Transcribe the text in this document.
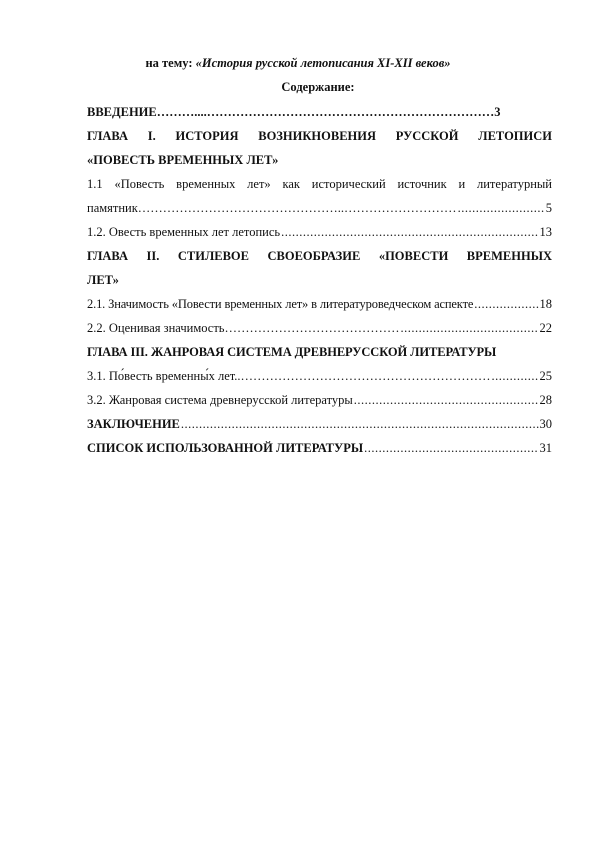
на тему: «История русской летописания XI-XII веков»
Содержание:
ВВЕДЕНИЕ………....…………………………………………………………… 3
ГЛАВА I. ИСТОРИЯ ВОЗНИКНОВЕНИЯ РУССКОЙ ЛЕТОПИСИ
«ПОВЕСТЬ ВРЕМЕННЫХ ЛЕТ»
1.1 «Повесть временных лет» как исторический источник и литературный
памятник…………………………………………..……………………… .....	5
1.2. Овесть временных лет летопись .....	13
ГЛАВА II. СТИЛЕВОЕ СВОЕОБРАЗИЕ «ПОВЕСТИ ВРЕМЕННЫХ
ЛЕТ»
2.1. Значимость «Повести временных лет» в литературоведческом аспекте .....	18
2.2. Оценивая значимость…………………………………… .....	22
ГЛАВА III. ЖАНРОВАЯ СИСТЕМА ДРЕВНЕРУССКОЙ ЛИТЕРАТУРЫ
3.1. По́весть временны́х лет..…………………………………………………… .....	25
3.2. Жанровая система древнерусской литературы .....	28
ЗАКЛЮЧЕНИЕ .....	30
СПИСОК ИСПОЛЬЗОВАННОЙ ЛИТЕРАТУРЫ .....	31
